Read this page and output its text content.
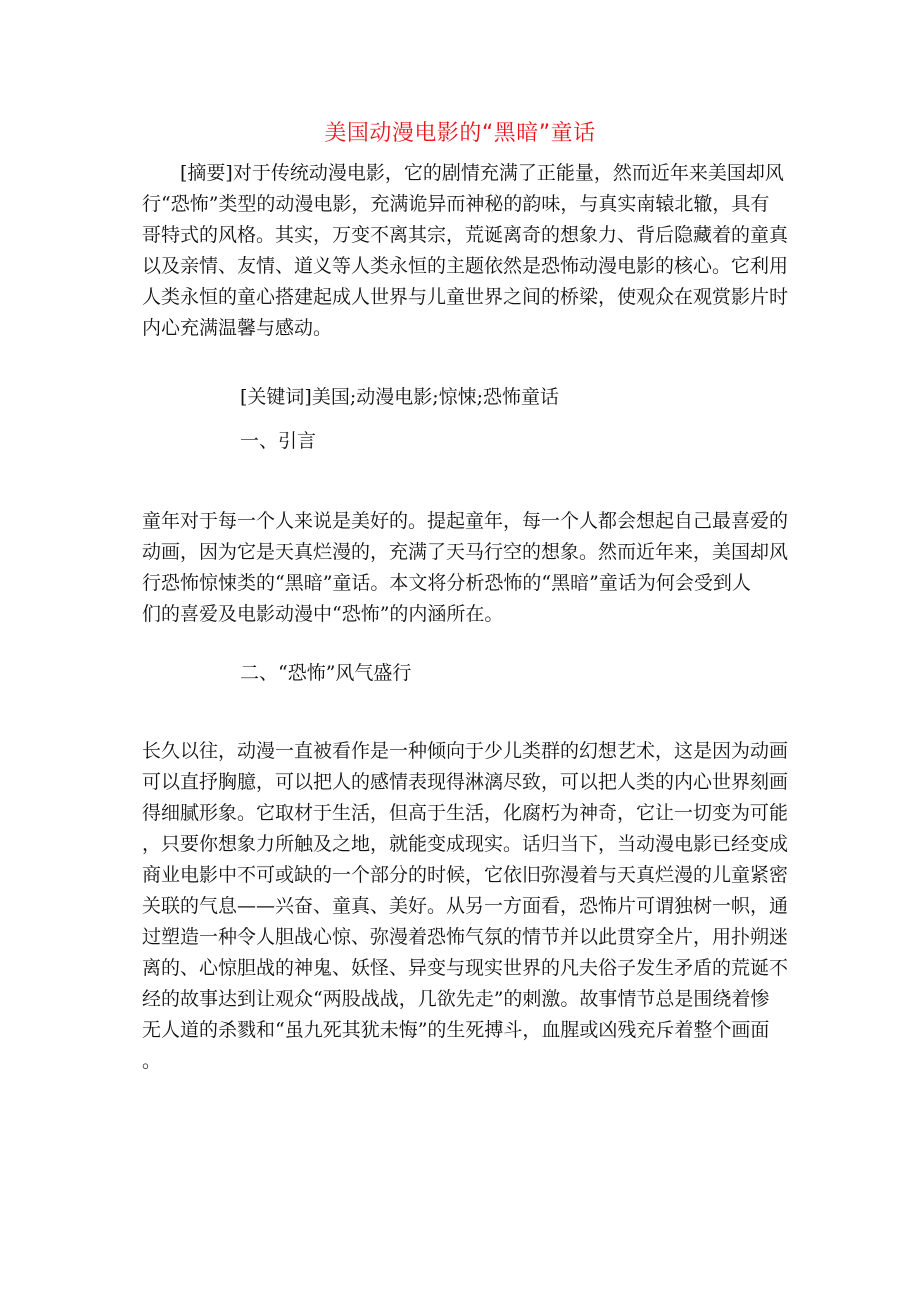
美国动漫电影的“黑暗”童话
　　[摘要]对于传统动漫电影，它的剧情充满了正能量，然而近年来美国却风
行“恐怖”类型的动漫电影，充满诡异而神秘的韵味，与真实南辕北辙，具有
哥特式的风格。其实，万变不离其宗，荒诞离奇的想象力、背后隐藏着的童真
以及亲情、友情、道义等人类永恒的主题依然是恐怖动漫电影的核心。它利用
人类永恒的童心搭建起成人世界与儿童世界之间的桥梁，使观众在观赏影片时
内心充满温馨与感动。
[关键词]美国;动漫电影;惊悚;恐怖童话
一、引言
童年对于每一个人来说是美好的。提起童年，每一个人都会想起自己最喜爱的
动画，因为它是天真烂漫的，充满了天马行空的想象。然而近年来，美国却风
行恐怖惊悚类的“黑暗”童话。本文将分析恐怖的“黑暗”童话为何会受到人
们的喜爱及电影动漫中“恐怖”的内涵所在。
二、“恐怖”风气盛行
长久以往，动漫一直被看作是一种倾向于少儿类群的幻想艺术，这是因为动画
可以直抒胸臆，可以把人的感情表现得淋漓尽致，可以把人类的内心世界刻画
得细腻形象。它取材于生活，但高于生活，化腐朽为神奇，它让一切变为可能
，只要你想象力所触及之地，就能变成现实。话归当下，当动漫电影已经变成
商业电影中不可或缺的一个部分的时候，它依旧弥漫着与天真烂漫的儿童紧密
关联的气息——兴奋、童真、美好。从另一方面看，恐怖片可谓独树一帜，通
过塑造一种令人胆战心惊、弥漫着恐怖气氛的情节并以此贯穿全片，用扑朔迷
离的、心惊胆战的神鬼、妖怪、异变与现实世界的凡夫俗子发生矛盾的荒诞不
经的故事达到让观众“两股战战，几欲先走”的刺激。故事情节总是围绕着惨
无人道的杀戮和“虽九死其犹未悔”的生死搏斗，血腥或凶残充斥着整个画面
。
